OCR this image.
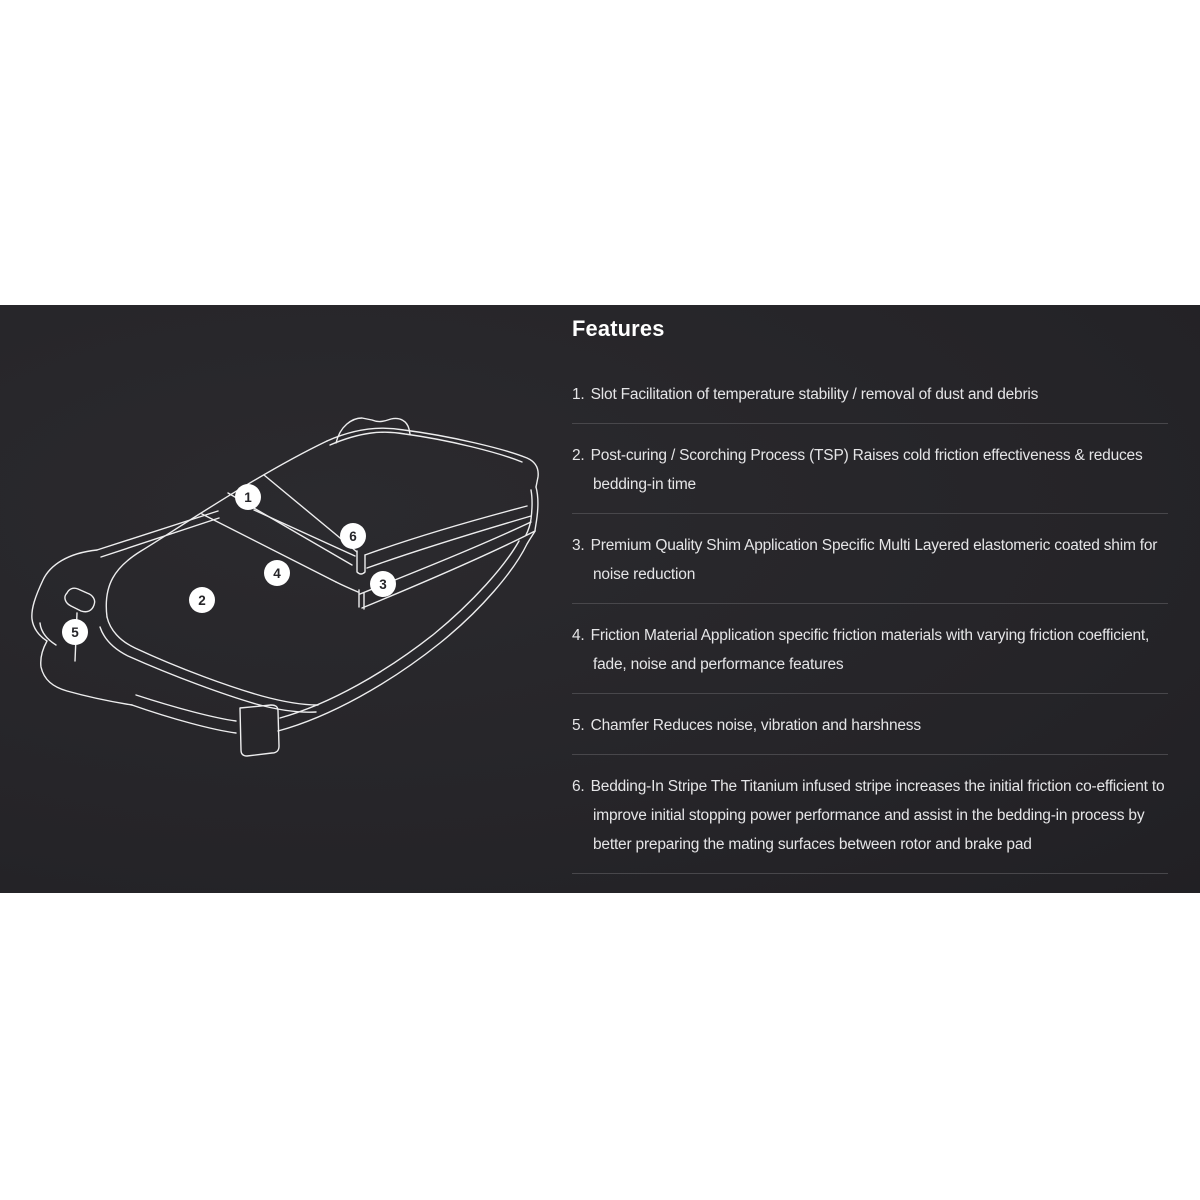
1
2
3
4
5
6
Features
1. Slot Facilitation of temperature stability / removal of dust and debris
2. Post-curing / Scorching Process (TSP) Raises cold friction effectiveness & reduces bedding-in time
3. Premium Quality Shim Application Specific Multi Layered elastomeric coated shim for noise reduction
4. Friction Material Application specific friction materials with varying friction coefficient, fade, noise and performance features
5. Chamfer Reduces noise, vibration and harshness
6. Bedding-In Stripe The Titanium infused stripe increases the initial friction co-efficient to improve initial stopping power performance and assist in the bedding-in process by better preparing the mating surfaces between rotor and brake pad
